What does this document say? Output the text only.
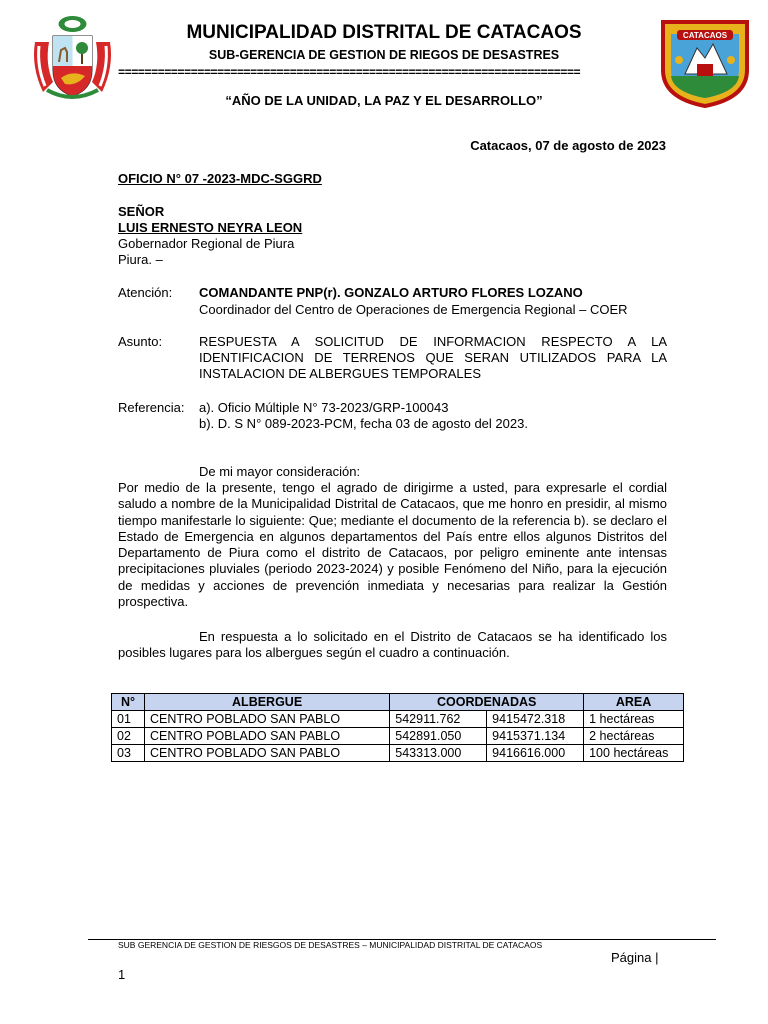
CATACAOS
MUNICIPALIDAD DISTRITAL DE CATACAOS
SUB-GERENCIA DE GESTION DE RIEGOS DE DESASTRES
======================================================================
“AÑO DE LA UNIDAD, LA PAZ Y EL DESARROLLO”
Catacaos, 07 de agosto de 2023
OFICIO N° 07 -2023-MDC-SGGRD
SEÑOR
LUIS ERNESTO NEYRA LEON
Gobernador Regional de Piura
Piura. –
Atención: COMANDANTE PNP(r). GONZALO ARTURO FLORES LOZANO
Coordinador del Centro de Operaciones de Emergencia Regional – COER
Asunto:	RESPUESTA A SOLICITUD DE INFORMACION RESPECTO A LA IDENTIFICACION DE TERRENOS QUE SERAN UTILIZADOS PARA LA INSTALACION DE ALBERGUES TEMPORALES
Referencia: a). Oficio Múltiple N° 73-2023/GRP-100043
b). D. S N° 089-2023-PCM, fecha 03 de agosto del 2023.
De mi mayor consideración:
Por medio de la presente, tengo el agrado de dirigirme a usted, para expresarle el cordial saludo a nombre de la Municipalidad Distrital de Catacaos, que me honro en presidir, al mismo tiempo manifestarle lo siguiente: Que; mediante el documento de la referencia b). se declaro el Estado de Emergencia en algunos departamentos del País entre ellos algunos Distritos del Departamento de Piura como el distrito de Catacaos, por peligro eminente ante intensas precipitaciones pluviales (periodo 2023-2024) y posible Fenómeno del Niño, para la ejecución de medidas y acciones de prevención inmediata y necesarias para realizar la Gestión prospectiva.
En respuesta a lo solicitado en el Distrito de Catacaos se ha identificado los posibles lugares para los albergues según el cuadro a continuación.
N°	ALBERGUE	COORDENADAS		AREA
01	CENTRO POBLADO SAN PABLO	542911.762	9415472.318	1 hectáreas
02	CENTRO POBLADO SAN PABLO	542891.050	9415371.134	2 hectáreas
03	CENTRO POBLADO SAN PABLO	543313.000	9416616.000	100 hectáreas
SUB GERENCIA DE GESTION DE RIESGOS DE DESASTRES – MUNICIPALIDAD DISTRITAL DE CATACAOS
Página |
1
